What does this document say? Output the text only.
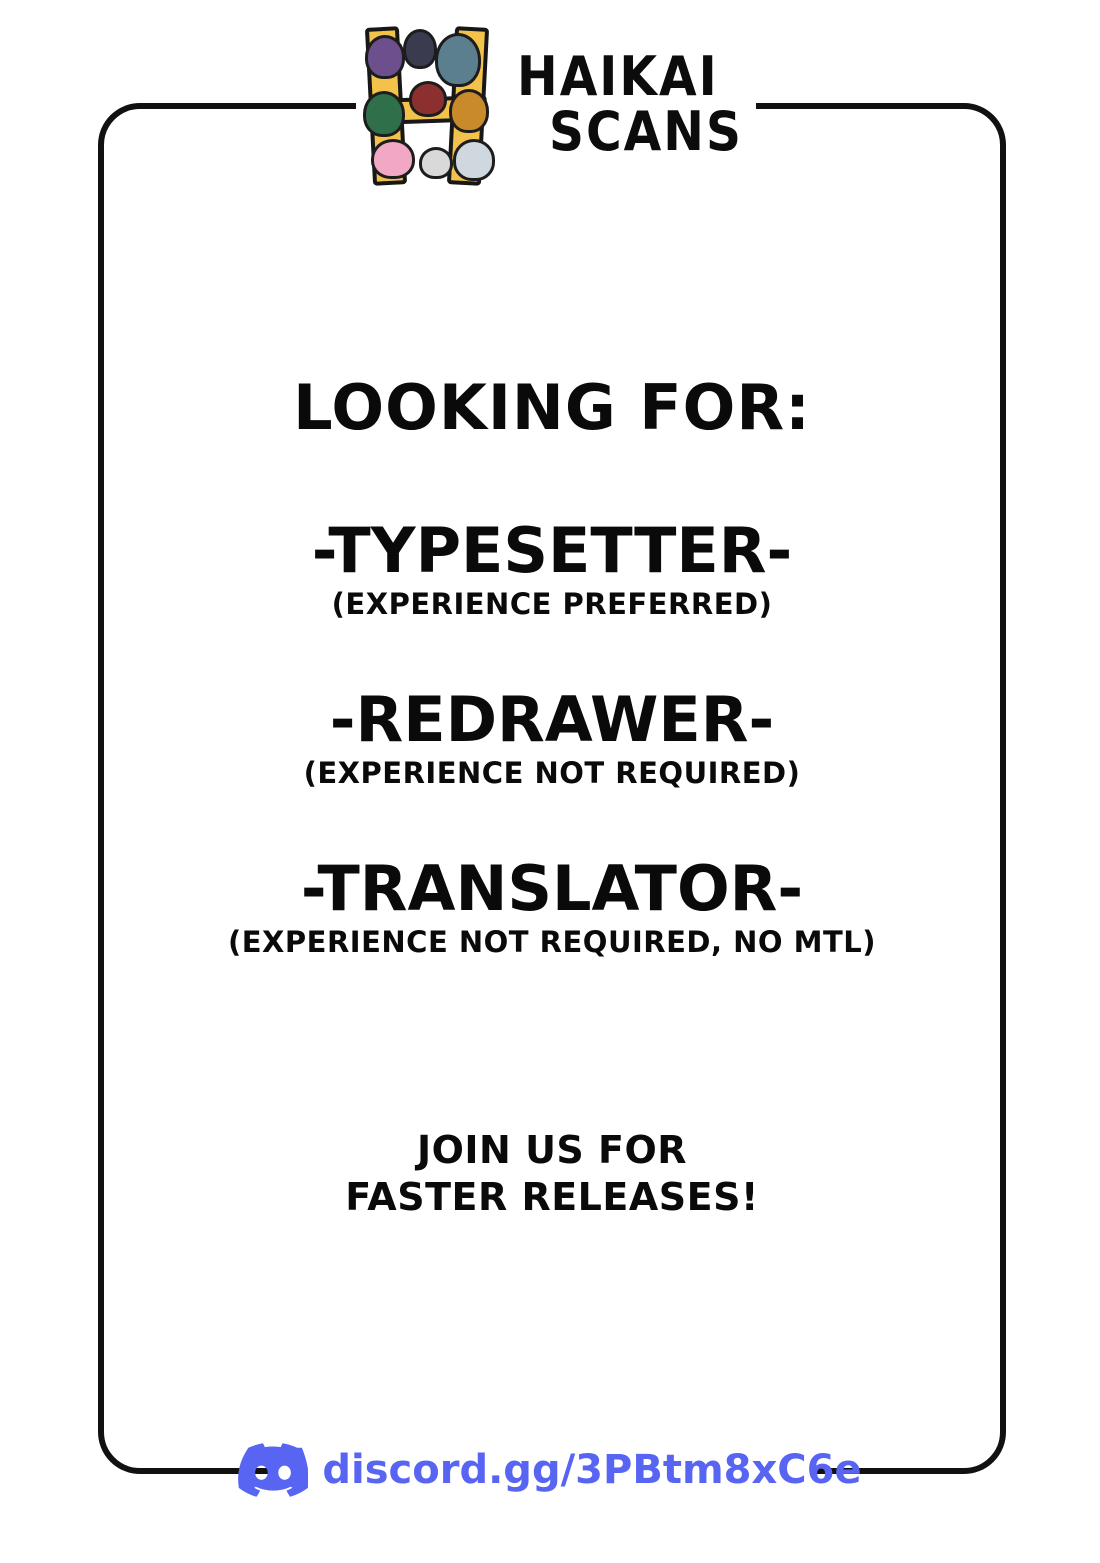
HAIKAI
SCANS
LOOKING FOR:
-TYPESETTER-
(EXPERIENCE PREFERRED)
-REDRAWER-
(EXPERIENCE NOT REQUIRED)
-TRANSLATOR-
(EXPERIENCE NOT REQUIRED, NO MTL)
JOIN US FOR
FASTER RELEASES!
discord.gg/3PBtm8xC6e
